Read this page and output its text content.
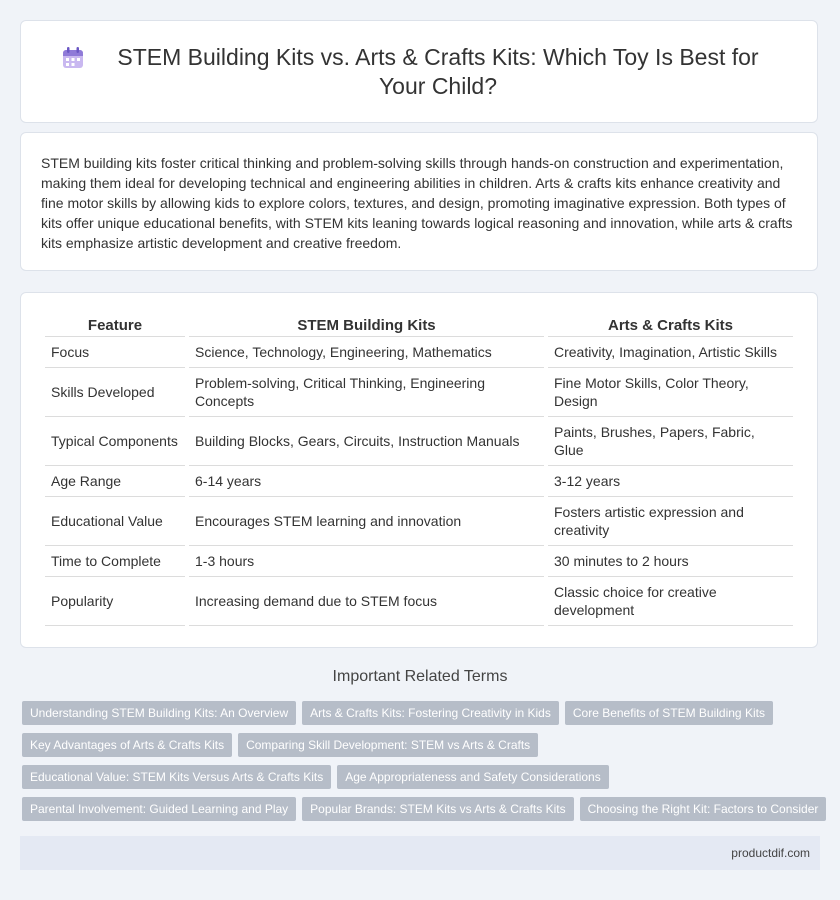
STEM Building Kits vs. Arts & Crafts Kits: Which Toy Is Best for Your Child?

STEM building kits foster critical thinking and problem-solving skills through hands-on construction and experimentation, making them ideal for developing technical and engineering abilities in children. Arts & crafts kits enhance creativity and fine motor skills by allowing kids to explore colors, textures, and design, promoting imaginative expression. Both types of kits offer unique educational benefits, with STEM kits leaning towards logical reasoning and innovation, while arts & crafts kits emphasize artistic development and creative freedom.

Feature	STEM Building Kits	Arts & Crafts Kits
Focus	Science, Technology, Engineering, Mathematics	Creativity, Imagination, Artistic Skills
Skills Developed	Problem-solving, Critical Thinking, Engineering Concepts	Fine Motor Skills, Color Theory, Design
Typical Components	Building Blocks, Gears, Circuits, Instruction Manuals	Paints, Brushes, Papers, Fabric, Glue
Age Range	6-14 years	3-12 years
Educational Value	Encourages STEM learning and innovation	Fosters artistic expression and creativity
Time to Complete	1-3 hours	30 minutes to 2 hours
Popularity	Increasing demand due to STEM focus	Classic choice for creative development
Important Related Terms
Understanding STEM Building Kits: An Overview	Arts & Crafts Kits: Fostering Creativity in Kids	Core Benefits of STEM Building Kits
Key Advantages of Arts & Crafts Kits	Comparing Skill Development: STEM vs Arts & Crafts
Educational Value: STEM Kits Versus Arts & Crafts Kits	Age Appropriateness and Safety Considerations
Parental Involvement: Guided Learning and Play	Popular Brands: STEM Kits vs Arts & Crafts Kits	Choosing the Right Kit: Factors to Consider
productdif.com
